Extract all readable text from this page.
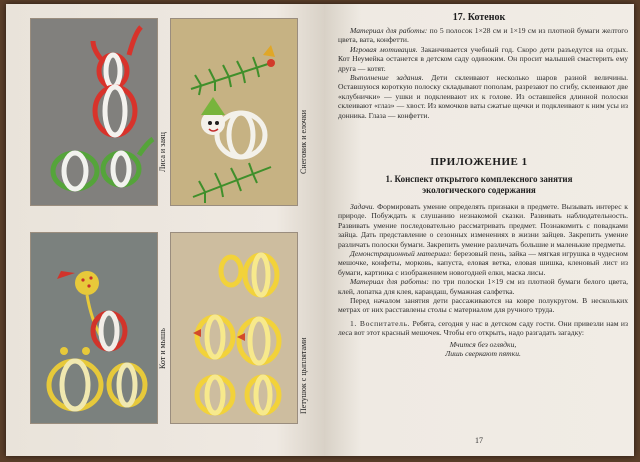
Лиса и заяц	Снеговик и елочки
Кот и мышь	Петушок с цыплятами
17. Котенок

Материал для работы: по 5 полосок 1×28 см и 1×19 см из плотной бумаги желтого цвета, вата, конфетти.

Игровая мотивация. Заканчивается учебный год. Скоро дети разъедутся на отдых. Кот Неумейка останется в детском саду одиноким. Он просит малышей смастерить ему друга — котят.

Выполнение задания. Дети склеивают несколько шаров разной величины. Оставшуюся короткую полоску складывают пополам, разрезают по сгибу, склеивают две «клубнички» — ушки и подклеивают их к голове. Из оставшейся длинной полоски склеивают «глаз» — хвост. Из комочков ваты сжатые щечки и подклеивают к ним усы из донника. Глаза — конфетти.

ПРИЛОЖЕНИЕ 1
1. Конспект открытого комплексного занятия экологического содержания

Задачи. Формировать умение определять признаки в предмете. Вызывать интерес к природе. Побуждать к слушанию незнакомой сказки. Развивать наблюдательность. Развивать умение последовательно рассматривать предмет. Познакомить с повадками зайца. Дать представление о сезонных изменениях в жизни зайцев. Закрепить умение различать полоски бумаги. Закрепить умение различать большие и маленькие предметы.

Демонстрационный материал: березовый пень, зайка — мягкая игрушка в чудесном мешочке, конфеты, морковь, капуста, еловая ветка, еловая шишка, кленовый лист из бумаги, картинка с изображением новогодней елки, маска лисы.

Материал для работы: по три полоски 1×19 см из плотной бумаги белого цвета, клей, лопатка для клея, карандаш, бумажная салфетка.

Перед началом занятия дети рассаживаются на ковре полукругом. В нескольких метрах от них расставлены столы с материалом для ручного труда.

1. Воспитатель. Ребята, сегодня у нас в детском саду гости. Они привезли нам из леса вот этот красный мешочек. Чтобы его открыть, надо разгадать загадку:

Мчится без оглядки,
Лишь сверкают пятки.
17
